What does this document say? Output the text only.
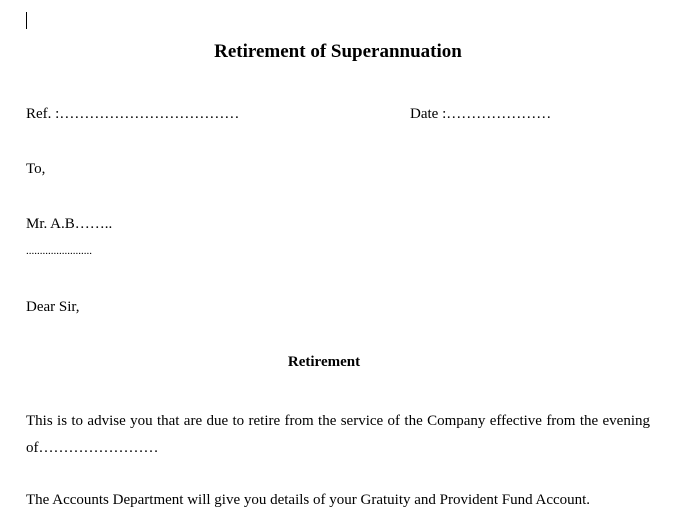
Retirement of Superannuation
Ref. :………………………………	Date :…………………
To,
Mr. A.B……..
........................
Dear Sir,
Retirement
This is to advise you that are due to retire from the service of the Company effective from the evening of……………………
The Accounts Department will give you details of your Gratuity and Provident Fund Account.
